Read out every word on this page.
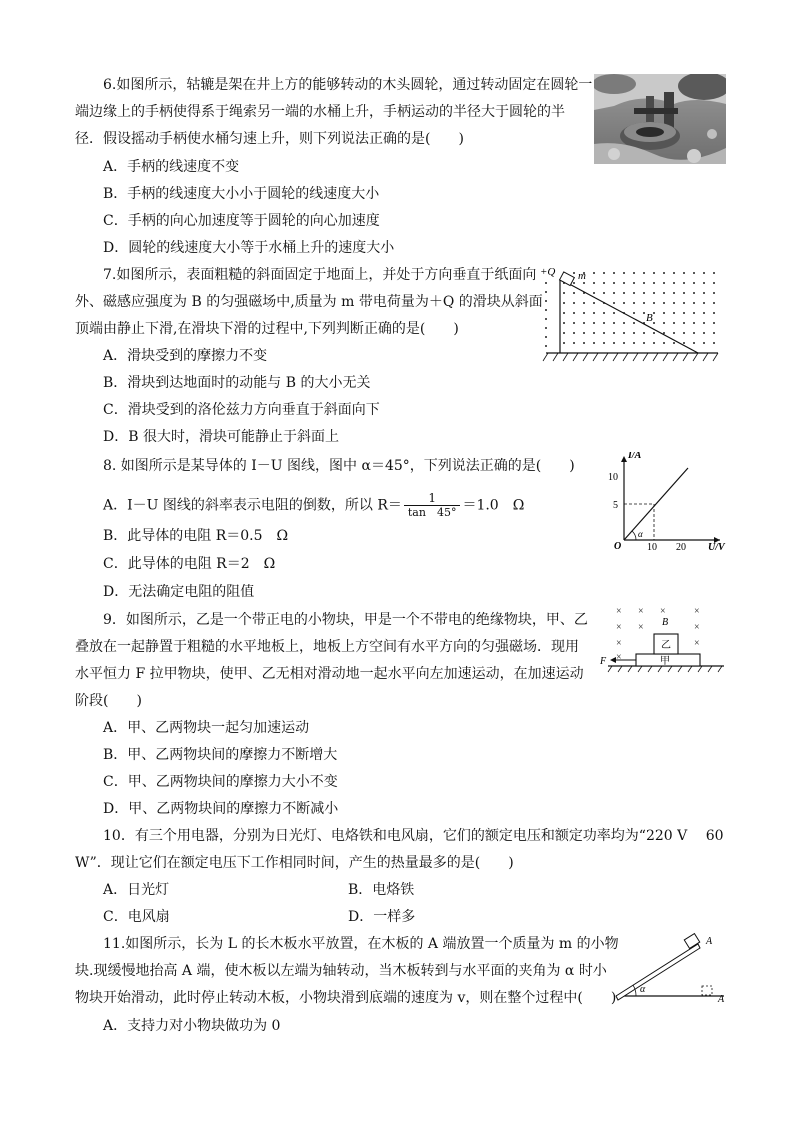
6.如图所示，轱辘是架在井上方的能够转动的木头圆轮，通过转动固定在圆轮一
端边缘上的手柄使得系于绳索另一端的水桶上升，手柄运动的半径大于圆轮的半
径．假设摇动手柄使水桶匀速上升，则下列说法正确的是(　　)
A．手柄的线速度不变
B．手柄的线速度大小小于圆轮的线速度大小
C．手柄的向心加速度等于圆轮的向心加速度
D．圆轮的线速度大小等于水桶上升的速度大小
7.如图所示，表面粗糙的斜面固定于地面上，并处于方向垂直于纸面向
外、磁感应强度为 B 的匀强磁场中,质量为 m 带电荷量为＋Q 的滑块从斜面
顶端由静止下滑,在滑块下滑的过程中,下列判断正确的是(　　)
A．滑块受到的摩擦力不变
B．滑块到达地面时的动能与 B 的大小无关
C．滑块受到的洛伦兹力方向垂直于斜面向下
D．B 很大时，滑块可能静止于斜面上
+Q m
B
8. 如图所示是某导体的 I－U 图线，图中 α＝45°，下列说法正确的是(　　)
A．I－U 图线的斜率表示电阻的倒数，所以 $R= \frac{1}{\tan 45^\circ} =1.0$　Ω
B．此导体的电阻 R＝0.5　Ω
C．此导体的电阻 R＝2　Ω
D．无法确定电阻的阻值
I/A
U/V
O
10
5
10 20
α
9．如图所示，乙是一个带正电的小物块，甲是一个不带电的绝缘物块，甲、乙
叠放在一起静置于粗糙的水平地板上，地板上方空间有水平方向的匀强磁场．现用
水平恒力 F 拉甲物块，使甲、乙无相对滑动地一起水平向左加速运动，在加速运动
阶段(　　)
A．甲、乙两物块一起匀加速运动
B．甲、乙两物块间的摩擦力不断增大
C．甲、乙两物块间的摩擦力大小不变
D．甲、乙两物块间的摩擦力不断减小
× × ×	×
× ×	×
×	×
×
B
甲
乙
F
10．有三个用电器，分别为日光灯、电烙铁和电风扇，它们的额定电压和额定功率均为“220 V　 60
W”．现让它们在额定电压下工作相同时间，产生的热量最多的是(　　)
A．日光灯	B．电烙铁
C．电风扇	D．一样多
11.如图所示，长为 L 的长木板水平放置，在木板的 A 端放置一个质量为 m 的小物
块.现缓慢地抬高 A 端，使木板以左端为轴转动，当木板转到与水平面的夹角为 α 时小
物块开始滑动，此时停止转动木板，小物块滑到底端的速度为 v，则在整个过程中(　　)
A．支持力对小物块做功为 0
α
A
A
